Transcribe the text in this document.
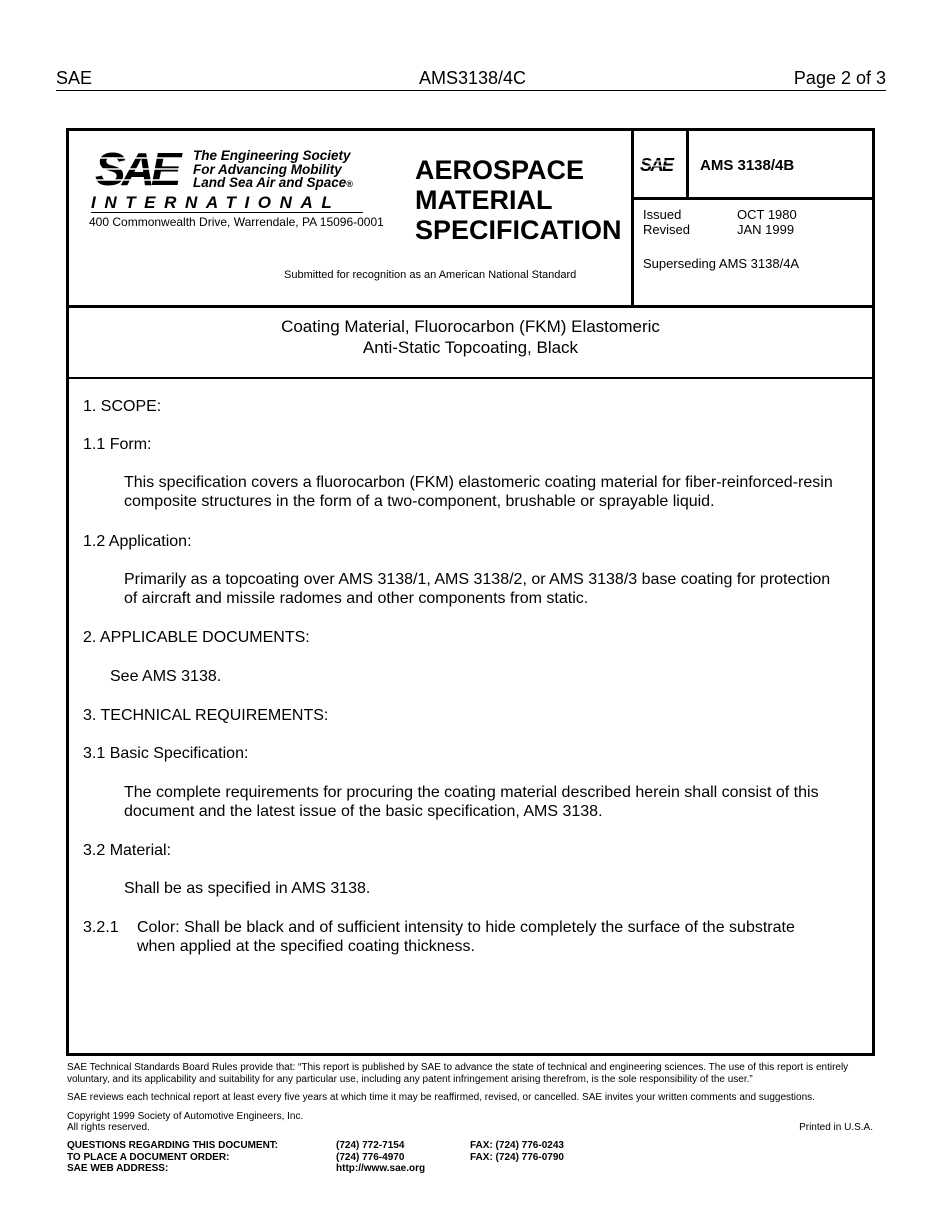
SAE	AMS3138/4C	Page 2 of 3
SAE	The Engineering Society
For Advancing Mobility
Land Sea Air and Space®
INTERNATIONAL
400 Commonwealth Drive, Warrendale, PA 15096-0001
AEROSPACE
MATERIAL
SPECIFICATION
Submitted for recognition as an American National Standard
SAE AMS 3138/4B
Issued	OCT 1980
Revised	JAN 1999
Superseding AMS 3138/4A
Coating Material, Fluorocarbon (FKM) Elastomeric
Anti-Static Topcoating, Black
1. SCOPE:
1.1 Form:
This specification covers a fluorocarbon (FKM) elastomeric coating material for fiber-reinforced-resin
composite structures in the form of a two-component, brushable or sprayable liquid.
1.2 Application:
Primarily as a topcoating over AMS 3138/1, AMS 3138/2, or AMS 3138/3 base coating for protection
of aircraft and missile radomes and other components from static.
2. APPLICABLE DOCUMENTS:
See AMS 3138.
3. TECHNICAL REQUIREMENTS:
3.1 Basic Specification:
The complete requirements for procuring the coating material described herein shall consist of this
document and the latest issue of the basic specification, AMS 3138.
3.2 Material:
Shall be as specified in AMS 3138.
3.2.1 Color: Shall be black and of sufficient intensity to hide completely the surface of the substrate
when applied at the specified coating thickness.
SAE Technical Standards Board Rules provide that: “This report is published by SAE to advance the state of technical and engineering sciences. The use of this report is entirely voluntary, and its applicability and suitability for any particular use, including any patent infringement arising therefrom, is the sole responsibility of the user.”
SAE reviews each technical report at least every five years at which time it may be reaffirmed, revised, or cancelled. SAE invites your written comments and suggestions.
Copyright 1999 Society of Automotive Engineers, Inc.
All rights reserved.	Printed in U.S.A.
QUESTIONS REGARDING THIS DOCUMENT:	(724) 772-7154	FAX: (724) 776-0243
TO PLACE A DOCUMENT ORDER:	(724) 776-4970	FAX: (724) 776-0790
SAE WEB ADDRESS:	http://www.sae.org
